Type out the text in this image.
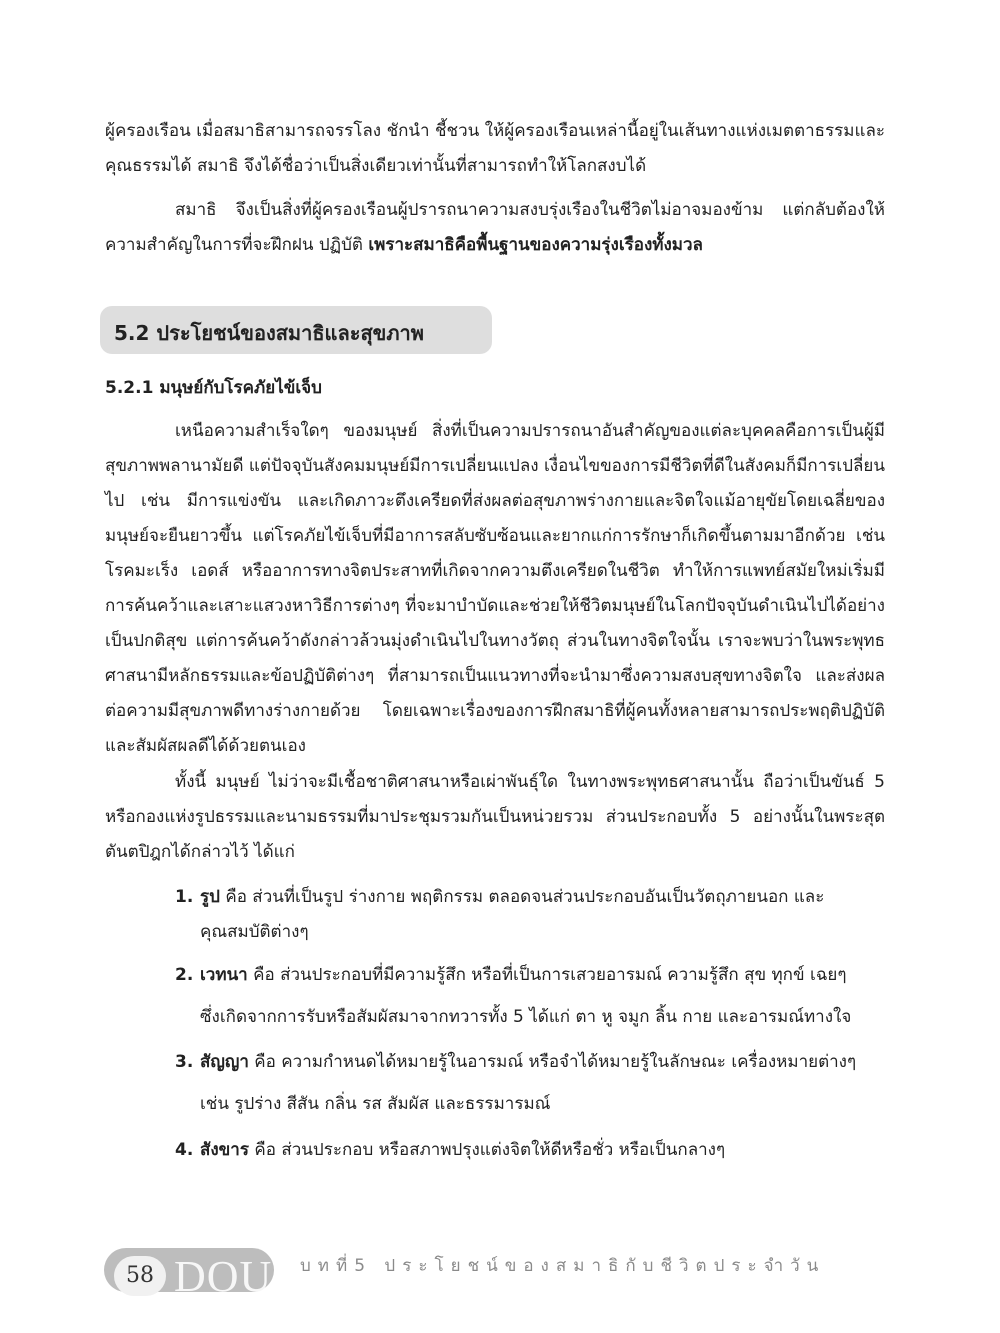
ผู้ครองเรือน เมื่อสมาธิสามารถจรรโลง ชักนำ ชี้ชวน ให้ผู้ครองเรือนเหล่านี้อยู่ในเส้นทางแห่งเมตตาธรรมและคุณธรรมได้ สมาธิ จึงได้ชื่อว่าเป็นสิ่งเดียวเท่านั้นที่สามารถทำให้โลกสงบได้

สมาธิ จึงเป็นสิ่งที่ผู้ครองเรือนผู้ปรารถนาความสงบรุ่งเรืองในชีวิตไม่อาจมองข้าม แต่กลับต้องให้ความสำคัญในการที่จะฝึกฝน ปฏิบัติ เพราะสมาธิคือพื้นฐานของความรุ่งเรืองทั้งมวล

5.2 ประโยชน์ของสมาธิและสุขภาพ
5.2.1 มนุษย์กับโรคภัยไข้เจ็บ

เหนือความสำเร็จใดๆ ของมนุษย์ สิ่งที่เป็นความปรารถนาอันสำคัญของแต่ละบุคคลคือการเป็นผู้มีสุขภาพพลานามัยดี แต่ปัจจุบันสังคมมนุษย์มีการเปลี่ยนแปลง เงื่อนไขของการมีชีวิตที่ดีในสังคมก็มีการเปลี่ยนไป เช่น มีการแข่งขัน และเกิดภาวะตึงเครียดที่ส่งผลต่อสุขภาพร่างกายและจิตใจแม้อายุขัยโดยเฉลี่ยของมนุษย์จะยืนยาวขึ้น แต่โรคภัยไข้เจ็บที่มีอาการสลับซับซ้อนและยากแก่การรักษาก็เกิดขึ้นตามมาอีกด้วย เช่น โรคมะเร็ง เอดส์ หรืออาการทางจิตประสาทที่เกิดจากความตึงเครียดในชีวิต ทำให้การแพทย์สมัยใหม่เริ่มมีการค้นคว้าและเสาะแสวงหาวิธีการต่างๆ ที่จะมาบำบัดและช่วยให้ชีวิตมนุษย์ในโลกปัจจุบันดำเนินไปได้อย่างเป็นปกติสุข แต่การค้นคว้าดังกล่าวล้วนมุ่งดำเนินไปในทางวัตถุ ส่วนในทางจิตใจนั้น เราจะพบว่าในพระพุทธศาสนามีหลักธรรมและข้อปฏิบัติต่างๆ ที่สามารถเป็นแนวทางที่จะนำมาซึ่งความสงบสุขทางจิตใจ และส่งผลต่อความมีสุขภาพดีทางร่างกายด้วย โดยเฉพาะเรื่องของการฝึกสมาธิที่ผู้คนทั้งหลายสามารถประพฤติปฏิบัติและสัมผัสผลดีได้ด้วยตนเอง

ทั้งนี้ มนุษย์ ไม่ว่าจะมีเชื้อชาติศาสนาหรือเผ่าพันธุ์ใด ในทางพระพุทธศาสนานั้น ถือว่าเป็นขันธ์ 5 หรือกองแห่งรูปธรรมและนามธรรมที่มาประชุมรวมกันเป็นหน่วยรวม ส่วนประกอบทั้ง 5 อย่างนั้นในพระสุตตันตปิฎกได้กล่าวไว้ ได้แก่

1. รูป คือ ส่วนที่เป็นรูป ร่างกาย พฤติกรรม ตลอดจนส่วนประกอบอันเป็นวัตถุภายนอก และ
คุณสมบัติต่างๆ
2. เวทนา คือ ส่วนประกอบที่มีความรู้สึก หรือที่เป็นการเสวยอารมณ์ ความรู้สึก สุข ทุกข์ เฉยๆ
ซึ่งเกิดจากการรับหรือสัมผัสมาจากทวารทั้ง 5 ได้แก่ ตา หู จมูก ลิ้น กาย และอารมณ์ทางใจ
3. สัญญา คือ ความกำหนดได้หมายรู้ในอารมณ์ หรือจำได้หมายรู้ในลักษณะ เครื่องหมายต่างๆ
เช่น รูปร่าง สีสัน กลิ่น รส สัมผัส และธรรมารมณ์
4. สังขาร คือ ส่วนประกอบ หรือสภาพปรุงแต่งจิตให้ดีหรือชั่ว หรือเป็นกลางๆ
58 DOU บทที่5 ประโยชน์ของสมาธิกับชีวิตประจำวัน
